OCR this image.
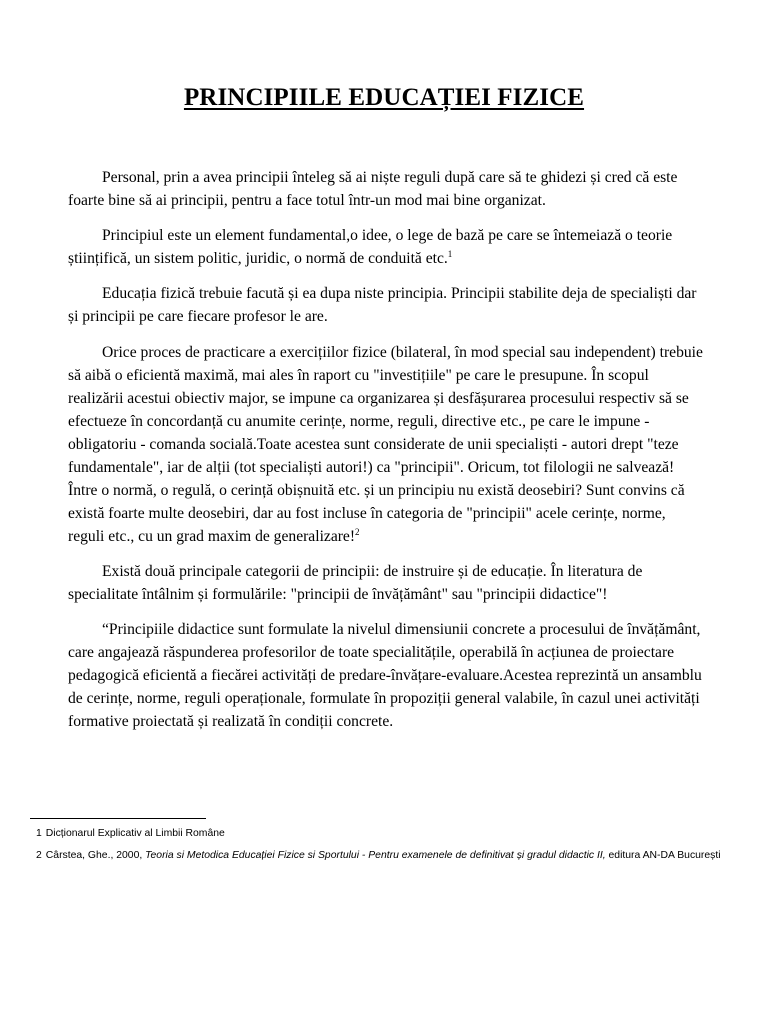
PRINCIPIILE EDUCAȚIEI FIZICE

Personal, prin a avea principii înteleg să ai niște reguli după care să te ghidezi și cred că este foarte bine să ai principii, pentru a face totul într-un mod mai bine organizat.

Principiul este un element fundamental,o idee, o lege de bază pe care se întemeiază o teorie științifică, un sistem politic, juridic, o normă de conduită etc.$^1$

Educația fizică trebuie facută și ea dupa niste principia. Principii stabilite deja de specialiști dar și principii pe care fiecare profesor le are.

Orice proces de practicare a exercițiilor fizice (bilateral, în mod special sau independent) trebuie să aibă o eficientă maximă, mai ales în raport cu "investițiile" pe care le presupune. În scopul realizării acestui obiectiv major, se impune ca organizarea și desfășurarea procesului respectiv să se efectueze în concordanță cu anumite cerințe, norme, reguli, directive etc., pe care le impune - obligatoriu - comanda socială.Toate acestea sunt considerate de unii specialiști - autori drept "teze fundamentale", iar de alții (tot specialiști autori!) ca "principii". Oricum, tot filologii ne salvează! Între o normă, o regulă, o cerință obișnuită etc. și un principiu nu există deosebiri? Sunt convins că există foarte multe deosebiri, dar au fost incluse în categoria de "principii" acele cerințe, norme, reguli etc., cu un grad maxim de generalizare!$^2$

Există două principale categorii de principii: de instruire și de educație. În literatura de specialitate întâlnim și formulările: "principii de învățământ" sau "principii didactice"!

“Principiile didactice sunt formulate la nivelul dimensiunii concrete a procesului de învățământ, care angajează răspunderea profesorilor de toate specialitățile, operabilă în acțiunea de proiectare pedagogică eficientă a fiecărei activități de predare-învățare-evaluare.Acestea reprezintă un ansamblu de cerințe, norme, reguli operaționale, formulate în propoziții general valabile, în cazul unei activități formative proiectată și realizată în condiții concrete.

1 Dicționarul Explicativ al Limbii Române
2 Cârstea, Ghe., 2000, Teoria si Metodica Educației Fizice si Sportului - Pentru examenele de definitivat și gradul didactic II, editura AN-DA București
